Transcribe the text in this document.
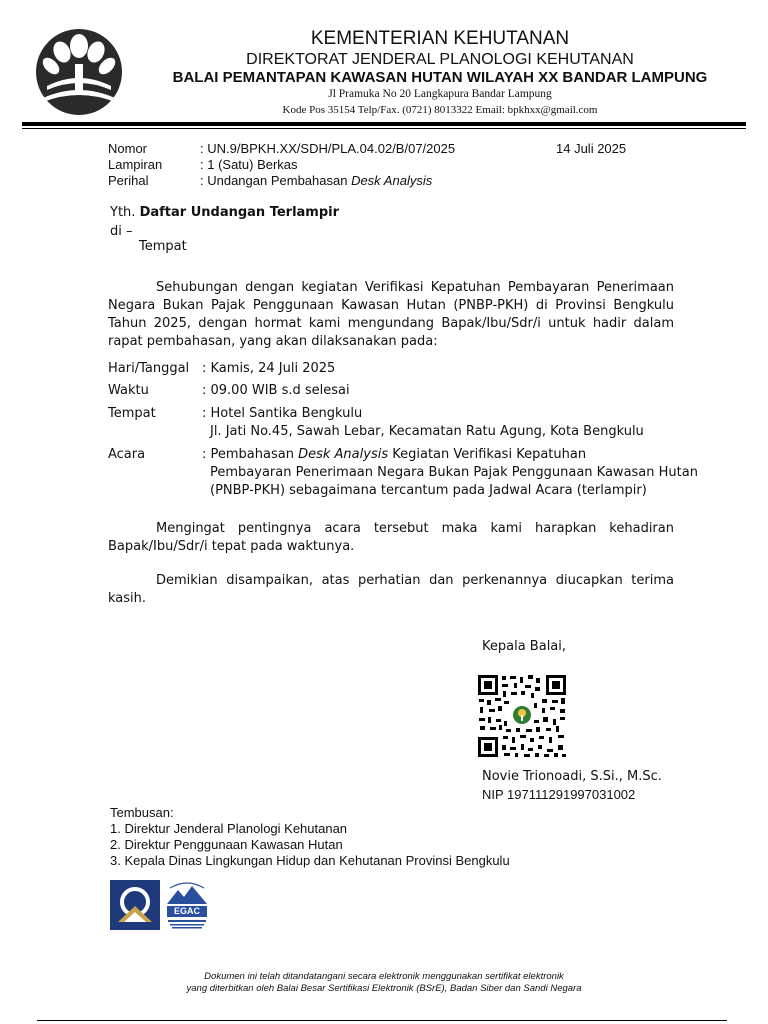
KEMENTERIAN KEHUTANAN
DIREKTORAT JENDERAL PLANOLOGI KEHUTANAN
BALAI PEMANTAPAN KAWASAN HUTAN WILAYAH XX BANDAR LAMPUNG
Jl Pramuka No 20 Langkapura Bandar Lampung
Kode Pos 35154 Telp/Fax. (0721) 8013322 Email: bpkhxx@gmail.com
Nomor	: UN.9/BPKH.XX/SDH/PLA.04.02/B/07/2025	14 Juli 2025
Lampiran	: 1 (Satu) Berkas
Perihal	: Undangan Pembahasan Desk Analysis
Yth. Daftar Undangan Terlampir
di –
Tempat

Sehubungan dengan kegiatan Verifikasi Kepatuhan Pembayaran Penerimaan Negara Bukan Pajak Penggunaan Kawasan Hutan (PNBP-PKH) di Provinsi Bengkulu Tahun 2025, dengan hormat kami mengundang Bapak/Ibu/Sdr/i untuk hadir dalam rapat pembahasan, yang akan dilaksanakan pada:

Hari/Tanggal : Kamis, 24 Juli 2025
Waktu	: 09.00 WIB s.d selesai
Tempat	: Hotel Santika Bengkulu
Jl. Jati No.45, Sawah Lebar, Kecamatan Ratu Agung, Kota Bengkulu
Acara	: Pembahasan Desk Analysis Kegiatan Verifikasi Kepatuhan
Pembayaran Penerimaan Negara Bukan Pajak Penggunaan Kawasan Hutan
(PNBP-PKH) sebagaimana tercantum pada Jadwal Acara (terlampir)

Mengingat pentingnya acara tersebut maka kami harapkan kehadiran Bapak/Ibu/Sdr/i tepat pada waktunya.

Demikian disampaikan, atas perhatian dan perkenannya diucapkan terima kasih.

Kepala Balai,
Novie Trionoadi, S.Si., M.Sc.
NIP 197111291997031002
Tembusan:
1. Direktur Jenderal Planologi Kehutanan
2. Direktur Penggunaan Kawasan Hutan
3. Kepala Dinas Lingkungan Hidup dan Kehutanan Provinsi Bengkulu
EGAC
Dokumen ini telah ditandatangani secara elektronik menggunakan sertifikat elektronik
yang diterbitkan oleh Balai Besar Sertifikasi Elektronik (BSrE), Badan Siber dan Sandi Negara
